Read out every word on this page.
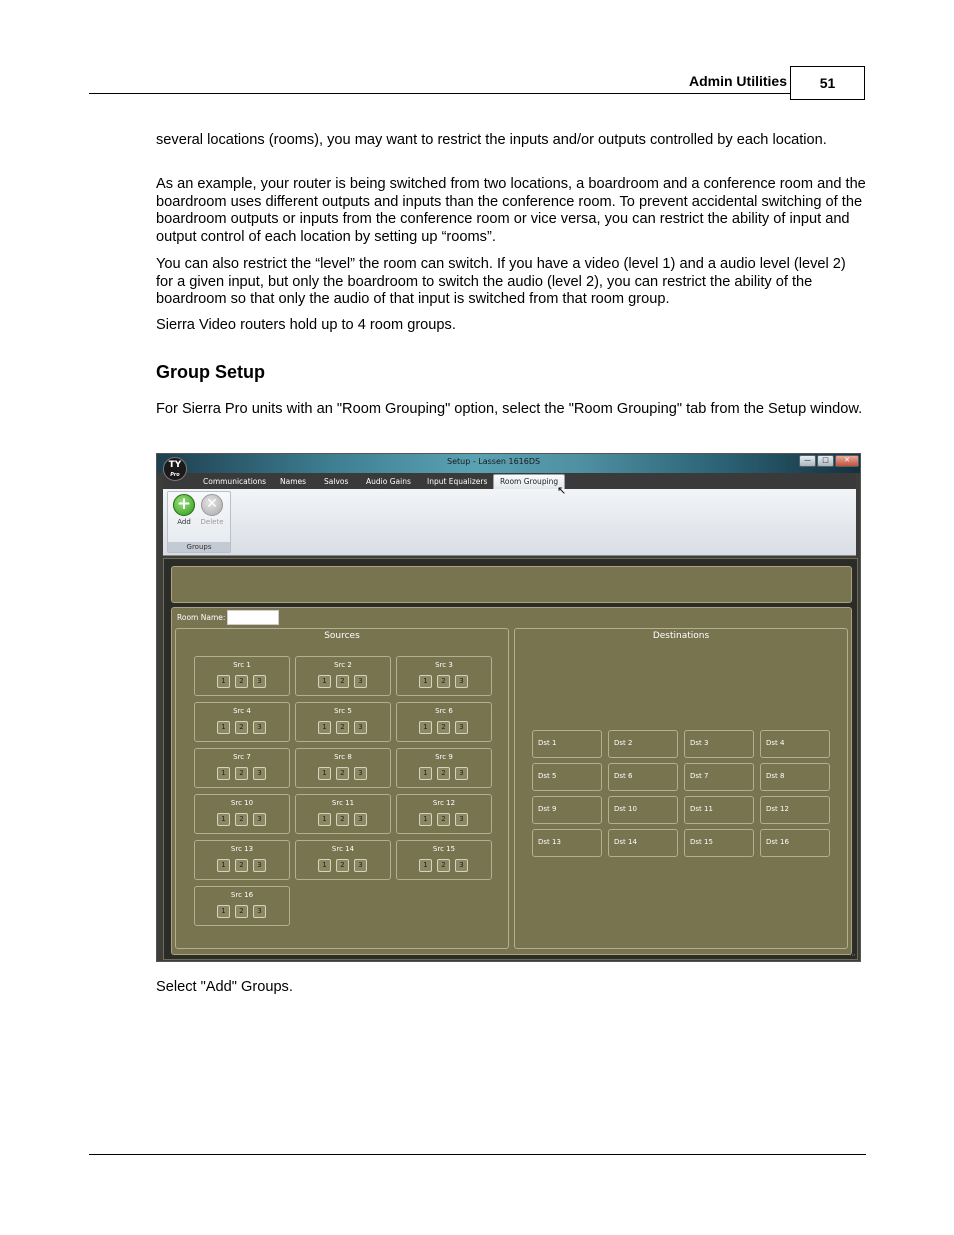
Admin Utilities	51

several locations (rooms), you may want to restrict the inputs and/or outputs controlled by each location.

As an example, your router is being switched from two locations, a boardroom and a conference room and the boardroom uses different outputs and inputs than the conference room. To prevent accidental switching of the boardroom outputs or inputs from the conference room or vice versa, you can restrict the ability of input and output control of each location by setting up “rooms”.

You can also restrict the “level” the room can switch. If you have a video (level 1) and a audio level (level 2) for a given input, but only the boardroom to switch the audio (level 2), you can restrict the ability of the boardroom so that only the audio of that input is switched from that room group.

Sierra Video routers hold up to 4 room groups.

Group Setup

For Sierra Pro units with an "Room Grouping" option, select the "Room Grouping" tab from the Setup window.

Setup - Lassen 1616DS	—	□	✕
TY
Pro
Communications Names Salvos Audio Gains Input Equalizers	Room Grouping
↖
+
Add
✕
Delete
Groups
Room Name:
Sources
Src 1
1	2	3
Src 2
1	2	3
Src 3
1	2	3
Src 4
1	2	3
Src 5
1	2	3
Src 6
1	2	3
Src 7
1	2	3
Src 8
1	2	3
Src 9
1	2	3
Src 10
1	2	3
Src 11
1	2	3
Src 12
1	2	3
Src 13
1	2	3
Src 14
1	2	3
Src 15
1	2	3
Src 16
1	2	3
Destinations
Dst 1	Dst 2	Dst 3	Dst 4
Dst 5	Dst 6	Dst 7	Dst 8
Dst 9	Dst 10	Dst 11	Dst 12
Dst 13	Dst 14	Dst 15	Dst 16
⋯

Select "Add" Groups.
